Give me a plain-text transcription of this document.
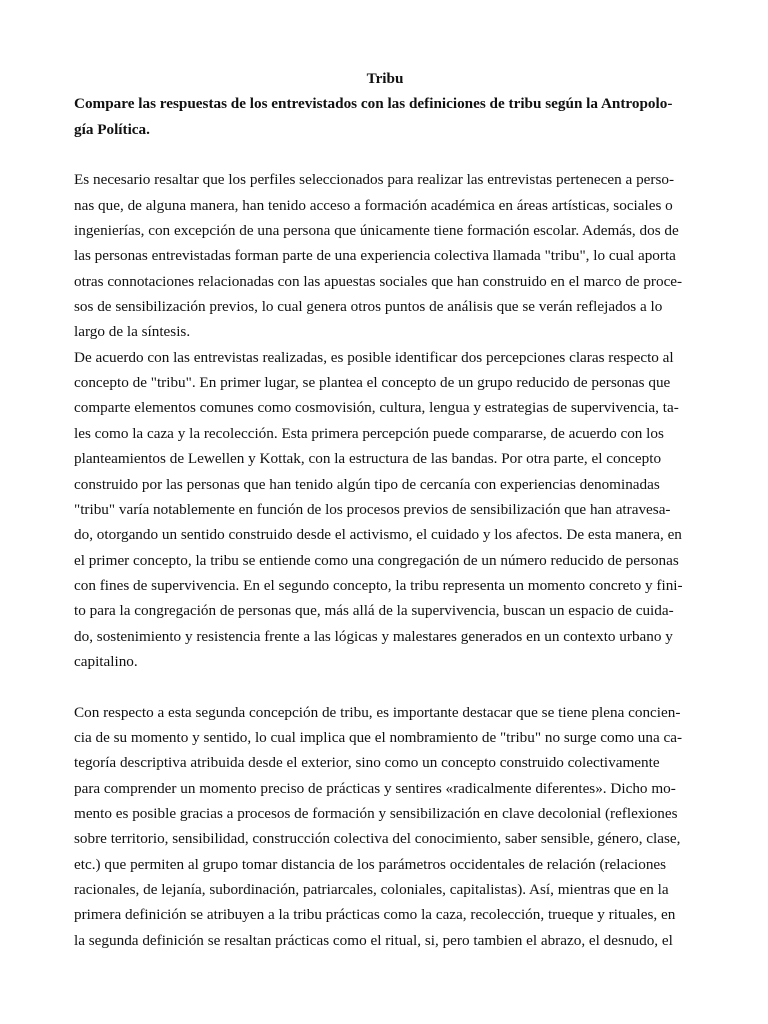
Tribu
Compare las respuestas de los entrevistados con las definiciones de tribu según la Antropolo-
gía Política.
Es necesario resaltar que los perfiles seleccionados para realizar las entrevistas pertenecen a perso-
nas que, de alguna manera, han tenido acceso a formación académica en áreas artísticas, sociales o
ingenierías, con excepción de una persona que únicamente tiene formación escolar. Además, dos de
las personas entrevistadas forman parte de una experiencia colectiva llamada "tribu", lo cual aporta
otras connotaciones relacionadas con las apuestas sociales que han construido en el marco de proce-
sos de sensibilización previos, lo cual genera otros puntos de análisis que se verán reflejados a lo
largo de la síntesis.
De acuerdo con las entrevistas realizadas, es posible identificar dos percepciones claras respecto al
concepto de "tribu". En primer lugar, se plantea el concepto de un grupo reducido de personas que
comparte elementos comunes como cosmovisión, cultura, lengua y estrategias de supervivencia, ta-
les como la caza y la recolección. Esta primera percepción puede compararse, de acuerdo con los
planteamientos de Lewellen y Kottak, con la estructura de las bandas. Por otra parte, el concepto
construido por las personas que han tenido algún tipo de cercanía con experiencias denominadas
"tribu" varía notablemente en función de los procesos previos de sensibilización que han atravesa-
do, otorgando un sentido construido desde el activismo, el cuidado y los afectos. De esta manera, en
el primer concepto, la tribu se entiende como una congregación de un número reducido de personas
con fines de supervivencia. En el segundo concepto, la tribu representa un momento concreto y fini-
to para la congregación de personas que, más allá de la supervivencia, buscan un espacio de cuida-
do, sostenimiento y resistencia frente a las lógicas y malestares generados en un contexto urbano y
capitalino.
Con respecto a esta segunda concepción de tribu, es importante destacar que se tiene plena concien-
cia de su momento y sentido, lo cual implica que el nombramiento de "tribu" no surge como una ca-
tegoría descriptiva atribuida desde el exterior, sino como un concepto construido colectivamente
para comprender un momento preciso de prácticas y sentires «radicalmente diferentes». Dicho mo-
mento es posible gracias a procesos de formación y sensibilización en clave decolonial (reflexiones
sobre territorio, sensibilidad, construcción colectiva del conocimiento, saber sensible, género, clase,
etc.) que permiten al grupo tomar distancia de los parámetros occidentales de relación (relaciones
racionales, de lejanía, subordinación, patriarcales, coloniales, capitalistas). Así, mientras que en la
primera definición se atribuyen a la tribu prácticas como la caza, recolección, trueque y rituales, en
la segunda definición se resaltan prácticas como el ritual, si, pero tambien el abrazo, el desnudo, el
